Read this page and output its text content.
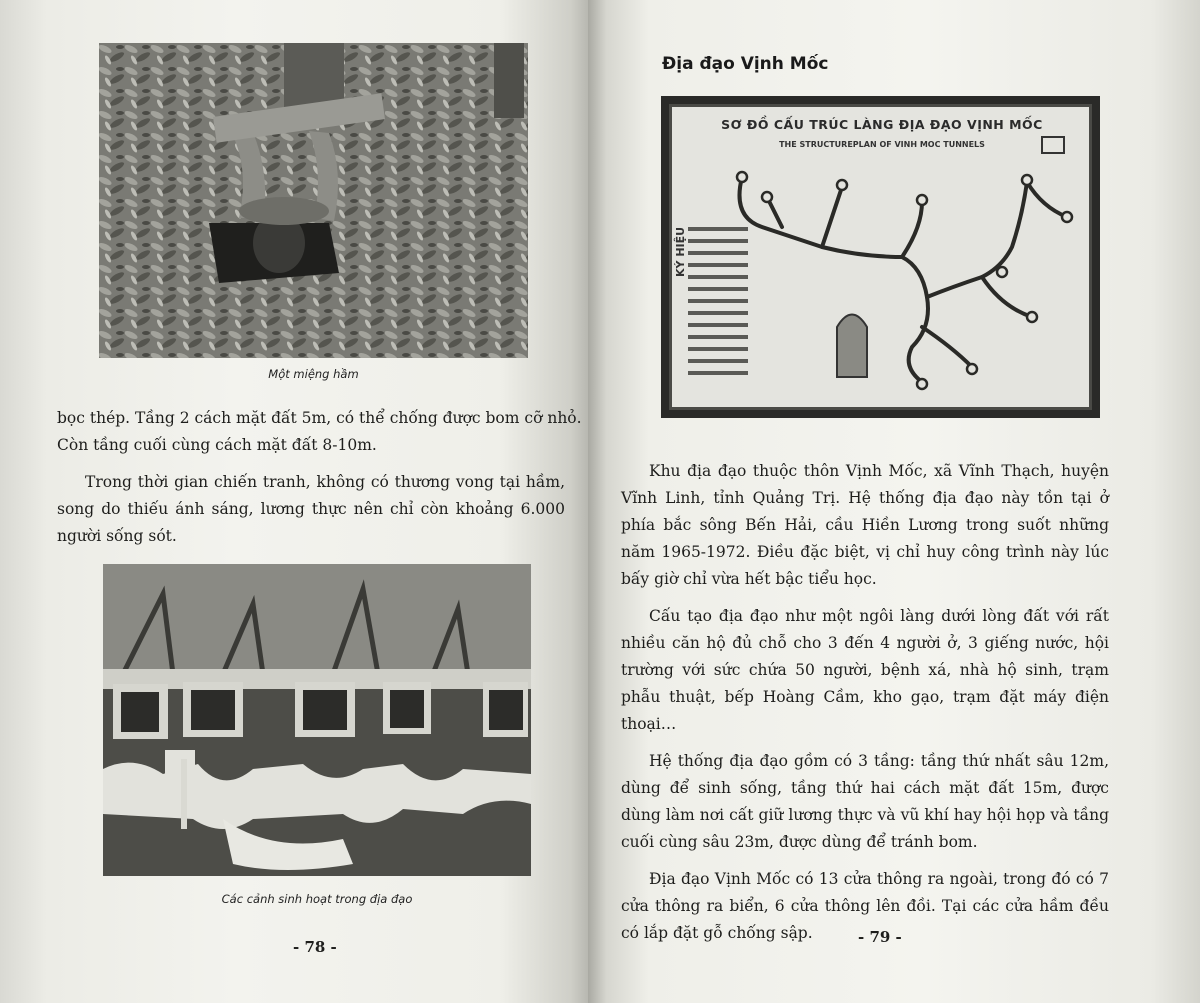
Một miệng hầm

bọc thép. Tầng 2 cách mặt đất 5m, có thể chống được bom cỡ nhỏ.

Còn tầng cuối cùng cách mặt đất 8-10m.

Trong thời gian chiến tranh, không có thương vong tại hầm, song do thiếu ánh sáng, lương thực nên chỉ còn khoảng 6.000 người sống sót.

Các cảnh sinh hoạt trong địa đạo
- 78 -
Địa đạo Vịnh Mốc
SƠ ĐỒ CẤU TRÚC LÀNG ĐỊA ĐẠO VỊNH MỐC
THE STRUCTUREPLAN OF VINH MOC TUNNELS
KÝ HIỆU

Khu địa đạo thuộc thôn Vịnh Mốc, xã Vĩnh Thạch, huyện Vĩnh Linh, tỉnh Quảng Trị. Hệ thống địa đạo này tồn tại ở phía bắc sông Bến Hải, cầu Hiền Lương trong suốt những năm 1965-1972. Điều đặc biệt, vị chỉ huy công trình này lúc bấy giờ chỉ vừa hết bậc tiểu học.

Cấu tạo địa đạo như một ngôi làng dưới lòng đất với rất nhiều căn hộ đủ chỗ cho 3 đến 4 người ở, 3 giếng nước, hội trường với sức chứa 50 người, bệnh xá, nhà hộ sinh, trạm phẫu thuật, bếp Hoàng Cầm, kho gạo, trạm đặt máy điện thoại…

Hệ thống địa đạo gồm có 3 tầng: tầng thứ nhất sâu 12m, dùng để sinh sống, tầng thứ hai cách mặt đất 15m, được dùng làm nơi cất giữ lương thực và vũ khí hay hội họp và tầng cuối cùng sâu 23m, được dùng để tránh bom.

Địa đạo Vịnh Mốc có 13 cửa thông ra ngoài, trong đó có 7 cửa thông ra biển, 6 cửa thông lên đồi. Tại các cửa hầm đều có lắp đặt gỗ chống sập.	- 79 -
